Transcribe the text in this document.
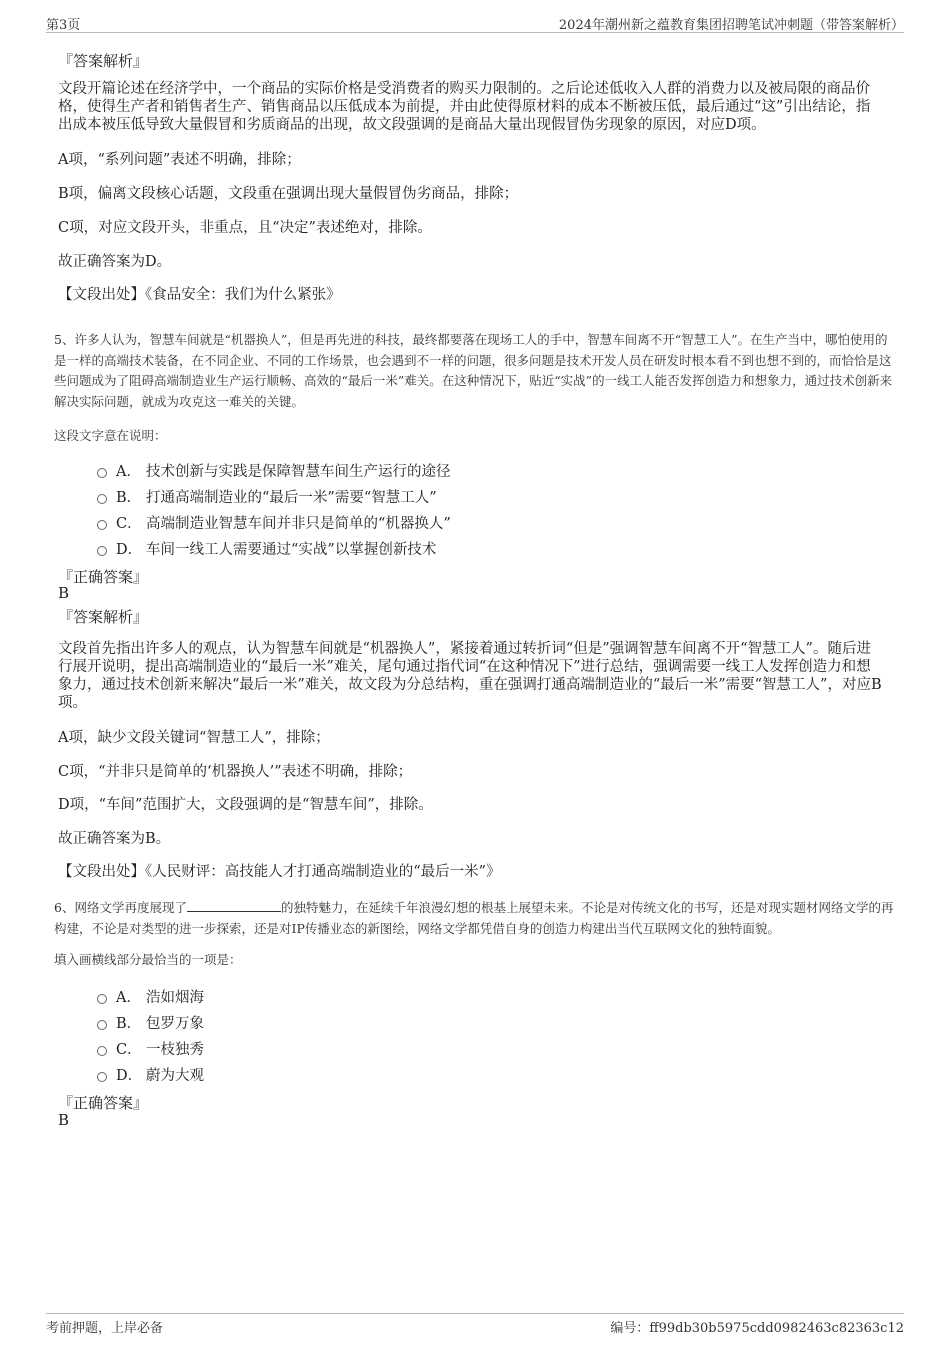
第3页	2024年潮州新之蕴教育集团招聘笔试冲刺题（带答案解析）
『答案解析』

文段开篇论述在经济学中，一个商品的实际价格是受消费者的购买力限制的。之后论述低收入人群的消费力以及被局限的商品价格，使得生产者和销售者生产、销售商品以压低成本为前提，并由此使得原材料的成本不断被压低，最后通过“这”引出结论，指出成本被压低导致大量假冒和劣质商品的出现，故文段强调的是商品大量出现假冒伪劣现象的原因，对应D项。

A项，“系列问题”表述不明确，排除；
B项，偏离文段核心话题，文段重在强调出现大量假冒伪劣商品，排除；
C项，对应文段开头，非重点，且“决定”表述绝对，排除。
故正确答案为D。
【文段出处】《食品安全：我们为什么紧张》

5、许多人认为，智慧车间就是“机器换人”，但是再先进的科技，最终都要落在现场工人的手中，智慧车间离不开“智慧工人”。在生产当中，哪怕使用的是一样的高端技术装备，在不同企业、不同的工作场景，也会遇到不一样的问题，很多问题是技术开发人员在研发时根本看不到也想不到的，而恰恰是这些问题成为了阻碍高端制造业生产运行顺畅、高效的“最后一米”难关。在这种情况下，贴近“实战”的一线工人能否发挥创造力和想象力，通过技术创新来解决实际问题，就成为攻克这一难关的关键。

这段文字意在说明：
A． 技术创新与实践是保障智慧车间生产运行的途径
B． 打通高端制造业的“最后一米”需要“智慧工人”
C． 高端制造业智慧车间并非只是简单的“机器换人”
D． 车间一线工人需要通过“实战”以掌握创新技术
『正确答案』
B
『答案解析』

文段首先指出许多人的观点，认为智慧车间就是“机器换人”，紧接着通过转折词“但是”强调智慧车间离不开“智慧工人”。随后进行展开说明，提出高端制造业的“最后一米”难关，尾句通过指代词“在这种情况下”进行总结，强调需要一线工人发挥创造力和想象力，通过技术创新来解决“最后一米”难关，故文段为分总结构，重在强调打通高端制造业的“最后一米”需要“智慧工人”，对应B项。

A项，缺少文段关键词“智慧工人”，排除；
C项，“并非只是简单的‘机器换人’”表述不明确，排除；
D项，“车间”范围扩大，文段强调的是“智慧车间”，排除。
故正确答案为B。
【文段出处】《人民财评：高技能人才打通高端制造业的“最后一米”》

6、网络文学再度展现了	的独特魅力，在延续千年浪漫幻想的根基上展望未来。不论是对传统文化的书写，还是对现实题材网络文学的再构建，不论是对类型的进一步探索，还是对IP传播业态的新图绘，网络文学都凭借自身的创造力构建出当代互联网文化的独特面貌。

填入画横线部分最恰当的一项是：
A． 浩如烟海
B． 包罗万象
C． 一枝独秀
D． 蔚为大观
『正确答案』
B
考前押题，上岸必备	编号：ff99db30b5975cdd0982463c82363c12
